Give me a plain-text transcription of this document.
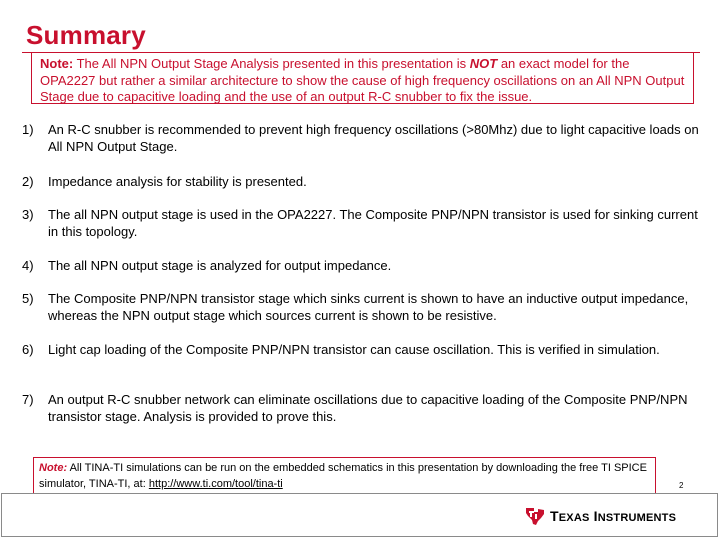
Summary
Note: The All NPN Output Stage Analysis presented in this presentation is NOT an exact model for the OPA2227 but rather a similar architecture to show the cause of high frequency oscillations on an All NPN Output Stage due to capacitive loading and the use of an output R-C snubber to fix the issue.
1)	An R-C snubber is recommended to prevent high frequency oscillations (>80Mhz) due to light capacitive loads on All NPN Output Stage.
2)	Impedance analysis for stability is presented.
3)	The all NPN output stage is used in the OPA2227. The Composite PNP/NPN transistor is used for sinking current in this topology.
4)	The all NPN output stage is analyzed for output impedance.
5)	The Composite PNP/NPN transistor stage which sinks current is shown to have an inductive output impedance, whereas the NPN output stage which sources current is shown to be resistive.
6)	Light cap loading of the Composite PNP/NPN transistor can cause oscillation. This is verified in simulation.
7)	An output R-C snubber network can eliminate oscillations due to capacitive loading of the Composite PNP/NPN transistor stage. Analysis is provided to prove this.
Note: All TINA-TI simulations can be run on the embedded schematics in this presentation by downloading the free TI SPICE simulator, TINA-TI, at: http://www.ti.com/tool/tina-ti	2
TEXAS INSTRUMENTS
